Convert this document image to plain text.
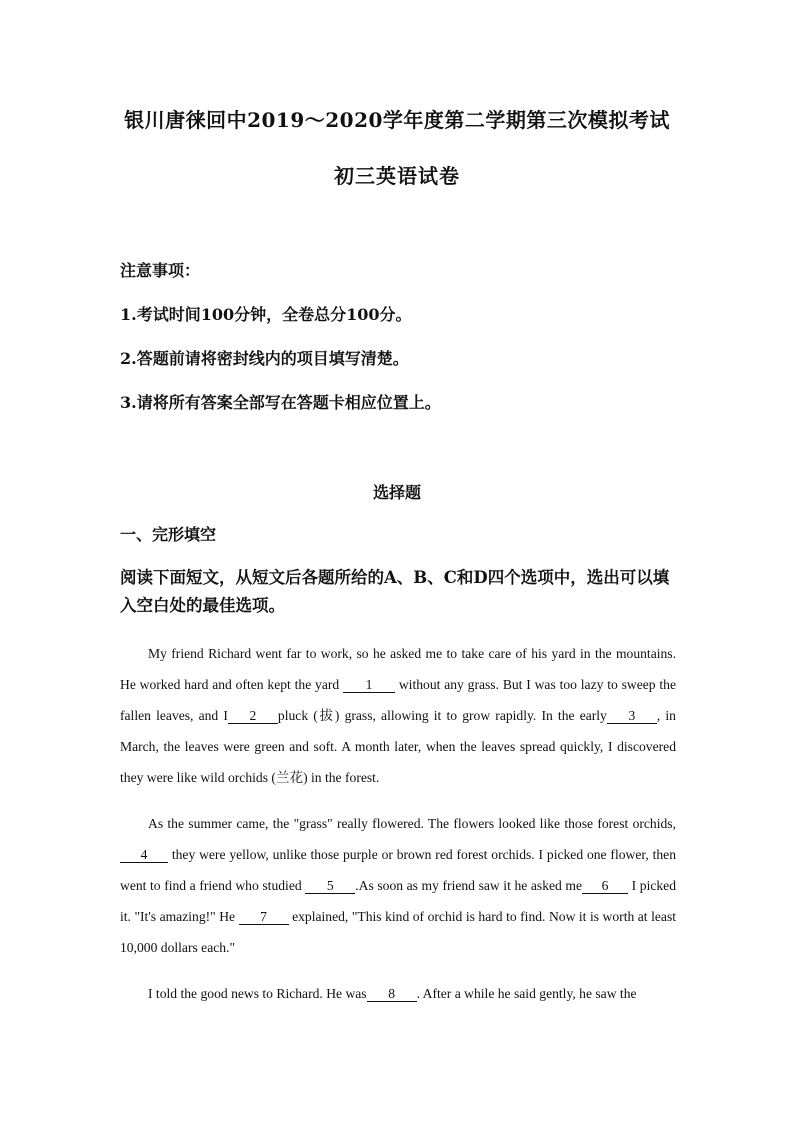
银川唐徕回中2019～2020学年度第二学期第三次模拟考试
初三英语试卷
注意事项：
1.考试时间100分钟，全卷总分100分。
2.答题前请将密封线内的项目填写清楚。
3.请将所有答案全部写在答题卡相应位置上。
选择题
一、完形填空
阅读下面短文，从短文后各题所给的A、B、C和D四个选项中，选出可以填入空白处的最佳选项。
My friend Richard went far to work, so he asked me to take care of his yard in the mountains. He worked hard and often kept the yard 1 without any grass. But I was too lazy to sweep the fallen leaves, and I 2 pluck (拔) grass, allowing it to grow rapidly. In the early 3 , in March, the leaves were green and soft. A month later, when the leaves spread quickly, I discovered they were like wild orchids (兰花) in the forest.
As the summer came, the "grass" really flowered. The flowers looked like those forest orchids, 4 they were yellow, unlike those purple or brown red forest orchids. I picked one flower, then went to find a friend who studied 5 .As soon as my friend saw it he asked me 6 I picked it. "It's amazing!" He 7 explained, "This kind of orchid is hard to find. Now it is worth at least 10,000 dollars each."
I told the good news to Richard. He was 8 . After a while he said gently, he saw the
